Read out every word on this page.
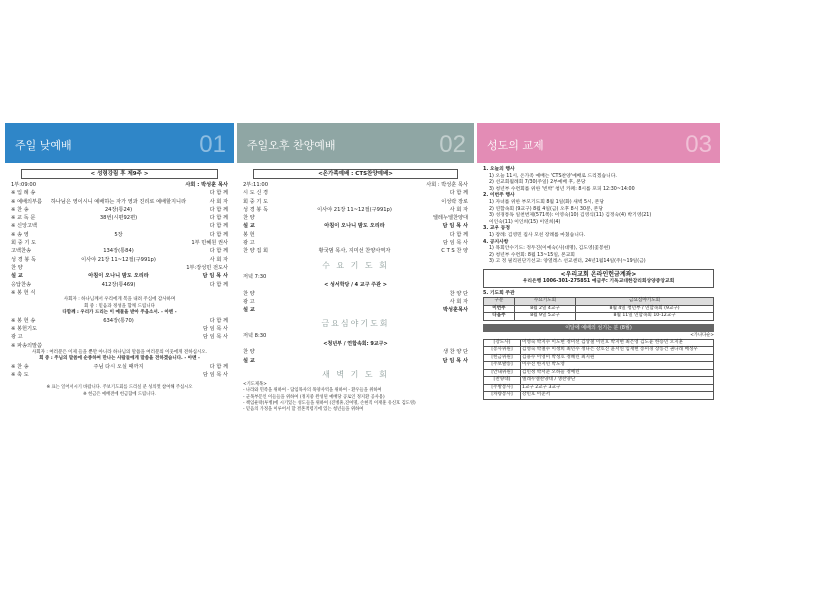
주일 낮예배	01
< 성령강림 후 제9주 >
1부:09:00	사회 : 박성훈 목사
※ 입 례 송	다 함 께
※ 예배의부름	하나님은 영이시니 예배하는 자가 영과 진리로 예배할지니라	사 회 자
※ 찬 송	24장(통24)	다 함 께
※ 교 독 문	38번(시편92편)	다 함 께
※ 신앙고백	다 함 께
※ 송 영	5장	다 함 께
회 중 기 도	1부 민혜원 권사
고백찬송	134장(통84)	다 함 께
성 경 봉 독	이사야 21장 11~12절(구991p)	사 회 자
찬 양	1부:장성민 전도사
설 교	아침이 오나니 밤도 오리라	담 임 목 사
응답찬송	412장(통469)	다 함 께
※ 봉 헌 식
사회자 : 하나님께서 우리에게 복을 내려 주심에 감사하며
회 중 : 믿음과 정성을 함께 드립니다
다함께 : 우리가 드리는 이 예물을 받아 주옵소서. - 아멘 -
※ 봉 헌 송	634장(통70)	다 함 께
※ 봉헌기도	담 임 목 사
광 고	담 임 목 사
※ 파송의말씀
사회자 : 여러분은 이제 들을 뿐만 아니라 하나님의 말씀을 여러분의 이웃에게 전하십시오.
회 중 : 주님의 말씀에 순종하여 만나는 사람들에게 말씀을 전하겠습니다. - 아멘 -
※ 찬 송	주님 다시 오실 때까지	다 함 께
※ 축 도	담 임 목 사
※ 표는 일어서시기 바랍니다. 주보기도회를 드리실 분 성의껏 참여해 주십시오
※ 헌금은 예배전에 헌금함에 드립니다.
주일오후 찬양예배	02
<온가족예배 : CTS찬양예배>
2부:11:00	사회 : 박성훈 목사
시 도 신 경	다 함 께
회 중 기 도	이성락 장로
성 경 봉 독	이사야 21장 11~12절(구991p)	사 회 자
찬 양	엘레누엘찬양대
설 교	아침이 오나니 밤도 오리라	담 임 목 사
봉 헌	다 함 께
광 고	담 임 목 사
찬 양 집 회	황국범 목사, 지미선 찬양사역자	C T S 찬 양
수 요 기 도 회
저녁 7:30
< 성서학당 / 4 교구 주관 >
찬 양	찬 양 단
광 고	사 회 자
설 교	박성훈목사
금요심야기도회
저녁 8:30
<청년부 / 연합속회: 9교구>
찬 양	생 찬 양 단
설 교	담 임 목 사
새 벽 기 도 회
<기도제목>
- 나라와 민족을 위하여 - 담임목사의 목양사역을 위하여 - 환우들을 위하여
- 군목부문인 이들들을 위하여 (정지중 완성된 예배당 공로인 정지환 공사용)
- 책임운락(투병)에 시기있는 성도들을 위하여 (진병휴,진여명, 손현직 이재훈 유신호 김도영)
- 믿음의 가정을 이루어서 할 결혼적령기에 있는 청년들을 위하여
성도의 교제	03
1. 오늘의 행사
1) 오늘 11시, 온가족 예배는 'CTS찬양'예배로 드리겠습니다.
2) 선교회월례회 7/30(주일) 2부예배 후, 본당
3) 청년부 수련회를 위한 '빈박' 청년 카페: 8시를 포피 12:30~14:00
2. 이번주 행사
1) 자녀를 위한 부모기도회 8월 1일(화) 새벽 5시, 본당
2) 연합속회 (9교구) 8월 4일(금) 오후 8시 30분, 본당
3) 성경통독 일천번제(571쪽): 이영숙(10) 김영식(11) 김정숙(4) 박기영(21)
이인숙(11) 이인희(15) 이연희(4)
3. 교우 동정
1) 장례: 김영민 집사 모친 장례를 마쳤습니다.
4. 공지사항
1) 목회안수기도: 정두진(이예숙(사)대명), 김도영(꽃봉현)
2) 청년부 수련회: 8월 13~15일, 본교회
3) 고 정 필리핀단기선교: 양열레스 선교센터, 24년1월14일(주)~19일(금)
<우리교회 온라인헌금계좌>
우리은행 1006-301-275851 예금주: 기독교대한감리회상양중앙교회
5. 기도회 주관
구분	수요기도회	금요심야기도회
이번주	8월 2일 4교구	8월 4일 청년부 / 연합속회 (9교구)
다음주	8월 9일 5교구	8월 11일 연합속회 10-12교구
이달에 예배의 섬기는 분 (8월)
<가나다순>
[강도사]	이영숙 박지수 이도현 정미선 김상철 이민호 박지현 최은영 김도윤 한승민 오지훈
[봉사위원]	김영숙 박철수 이정희 최민수 정다은 강호진 윤서연 임재현 송미경 장동건 권나래 배성우
[헌금위원]	김용수 이영미 박성호 정혜린 최지원
[주보발송]	이수진 한지민 박도영
[안내위원]	김민정 박서준 오하늘 정예린
[찬양대]	엘레누엘찬양대 / 생찬양단
[주방봉사]	1교구 2교구 3교구
[차량봉사]	강민호 이준서
